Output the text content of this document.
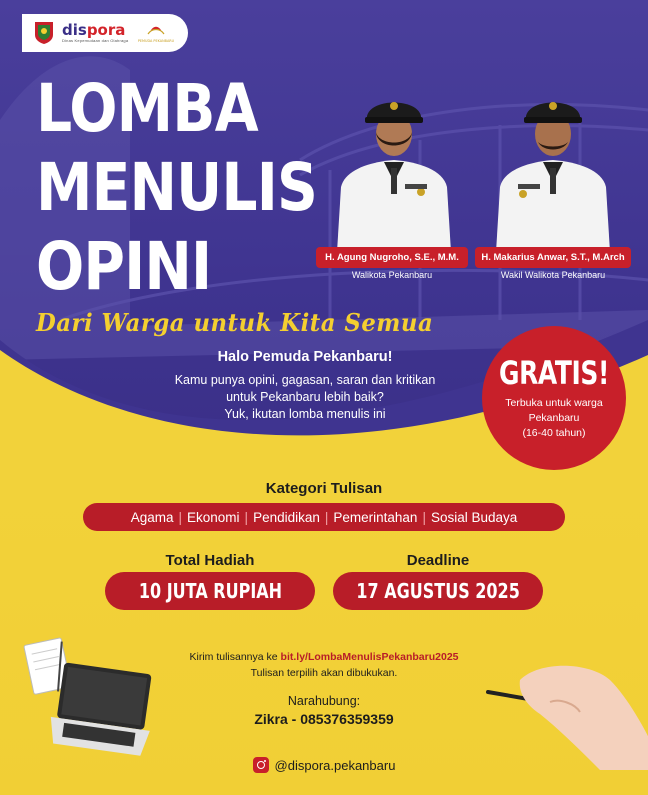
dispora
Dinas Kepemudaan dan Olahraga	PEMUDA PEKANBARU
LOMBA
MENULIS
OPINI
Dari Warga untuk Kita Semua
H. Agung Nugroho, S.E., M.M.	H. Makarius Anwar, S.T., M.Arch
Walikota Pekanbaru	Wakil Walikota Pekanbaru
Halo Pemuda Pekanbaru!

Kamu punya opini, gagasan, saran dan kritikan

untuk Pekanbaru lebih baik?

Yuk, ikutan lomba menulis ini

GRATIS!
Terbuka untuk warga
Pekanbaru
(16-40 tahun)
Kategori Tulisan
Agama | Ekonomi | Pendidikan | Pemerintahan | Sosial Budaya
Total Hadiah	Deadline
10 JUTA RUPIAH	17 AGUSTUS 2025
Kirim tulisannya ke bit.ly/LombaMenulisPekanbaru2025
Tulisan terpilih akan dibukukan.
Narahubung:
Zikra - 085376359359
@dispora.pekanbaru
